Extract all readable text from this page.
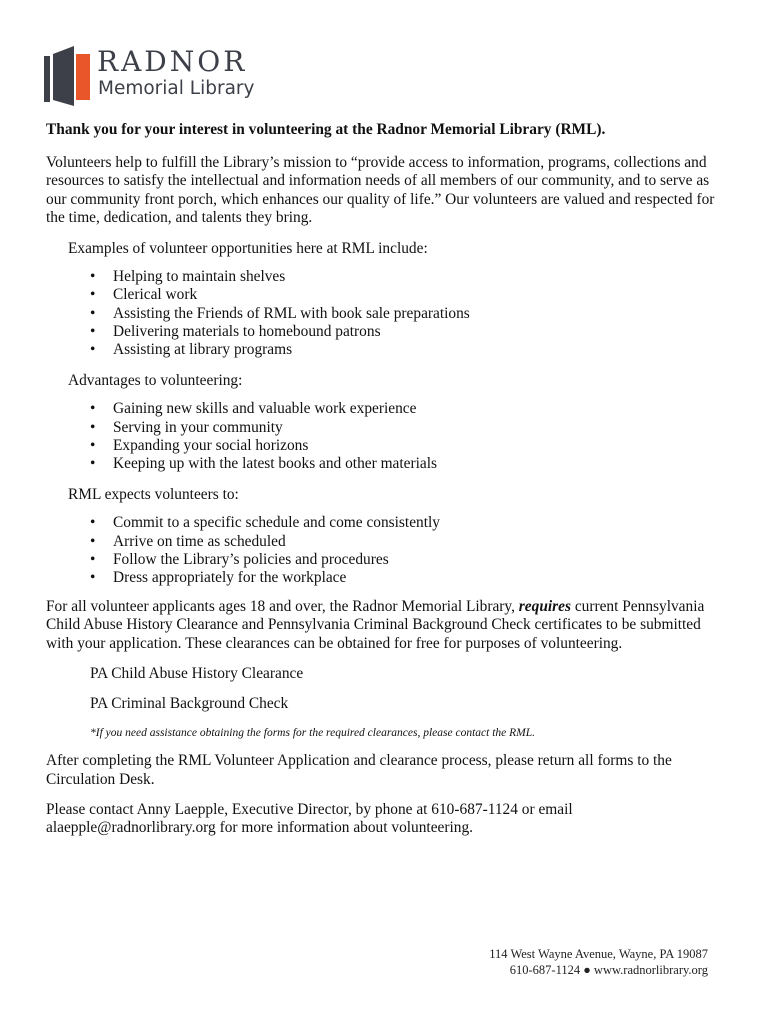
RADNOR
Memorial Library

Thank you for your interest in volunteering at the Radnor Memorial Library (RML).

Volunteers help to fulfill the Library’s mission to “provide access to information, programs, collections and resources to satisfy the intellectual and information needs of all members of our community, and to serve as our community front porch, which enhances our quality of life.” Our volunteers are valued and respected for the time, dedication, and talents they bring.

Examples of volunteer opportunities here at RML include:

• Helping to maintain shelves
• Clerical work
• Assisting the Friends of RML with book sale preparations
• Delivering materials to homebound patrons
• Assisting at library programs

Advantages to volunteering:

• Gaining new skills and valuable work experience
• Serving in your community
• Expanding your social horizons
• Keeping up with the latest books and other materials

RML expects volunteers to:

• Commit to a specific schedule and come consistently
• Arrive on time as scheduled
• Follow the Library’s policies and procedures
• Dress appropriately for the workplace

For all volunteer applicants ages 18 and over, the Radnor Memorial Library, requires current Pennsylvania Child Abuse History Clearance and Pennsylvania Criminal Background Check certificates to be submitted with your application. These clearances can be obtained for free for purposes of volunteering.

PA Child Abuse History Clearance

PA Criminal Background Check

*If you need assistance obtaining the forms for the required clearances, please contact the RML.

After completing the RML Volunteer Application and clearance process, please return all forms to the Circulation Desk.

Please contact Anny Laepple, Executive Director, by phone at 610-687-1124 or email alaepple@radnorlibrary.org for more information about volunteering.

114 West Wayne Avenue, Wayne, PA 19087
610-687-1124 ● www.radnorlibrary.org
